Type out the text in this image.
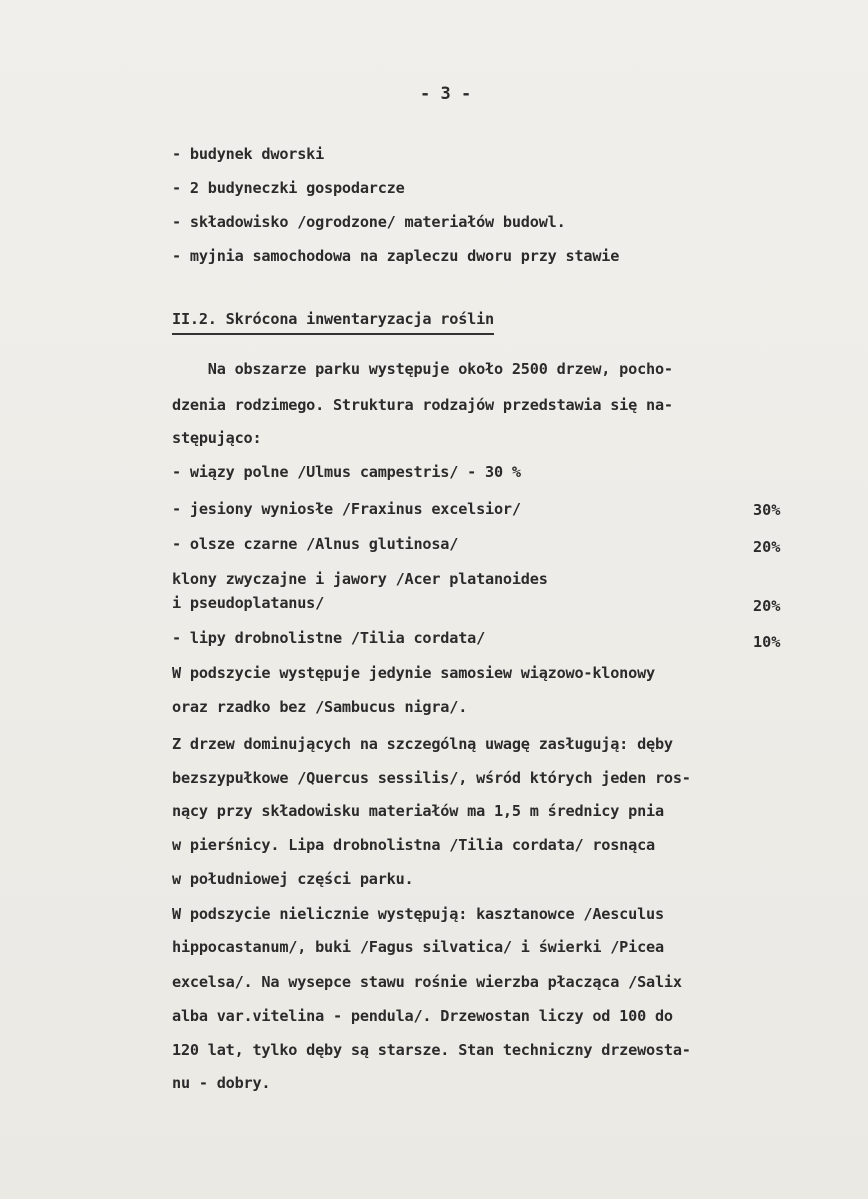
- 3 -
- budynek dworski
- 2 budyneczki gospodarcze
- składowisko /ogrodzone/ materiałów budowl.
- myjnia samochodowa na zapleczu dworu przy stawie
II.2. Skrócona inwentaryzacja roślin
Na obszarze parku występuje około 2500 drzew, pocho-
dzenia rodzimego. Struktura rodzajów przedstawia się na-
stępująco:
- wiązy polne /Ulmus campestris/ - 30 %
- jesiony wyniosłe /Fraxinus excelsior/	30%
- olsze czarne /Alnus glutinosa/	20%
klony zwyczajne i jawory /Acer platanoides
i pseudoplatanus/	20%
- lipy drobnolistne /Tilia cordata/	10%
W podszycie występuje jedynie samosiew wiązowo-klonowy
oraz rzadko bez /Sambucus nigra/.
Z drzew dominujących na szczególną uwagę zasługują: dęby
bezszypułkowe /Quercus sessilis/, wśród których jeden ros-
nący przy składowisku materiałów ma 1,5 m średnicy pnia
w pierśnicy. Lipa drobnolistna /Tilia cordata/ rosnąca
w południowej części parku.
W podszycie nielicznie występują: kasztanowce /Aesculus
hippocastanum/, buki /Fagus silvatica/ i świerki /Picea
excelsa/. Na wysepce stawu rośnie wierzba płacząca /Salix
alba var.vitelina - pendula/. Drzewostan liczy od 100 do
120 lat, tylko dęby są starsze. Stan techniczny drzewosta-
nu - dobry.
